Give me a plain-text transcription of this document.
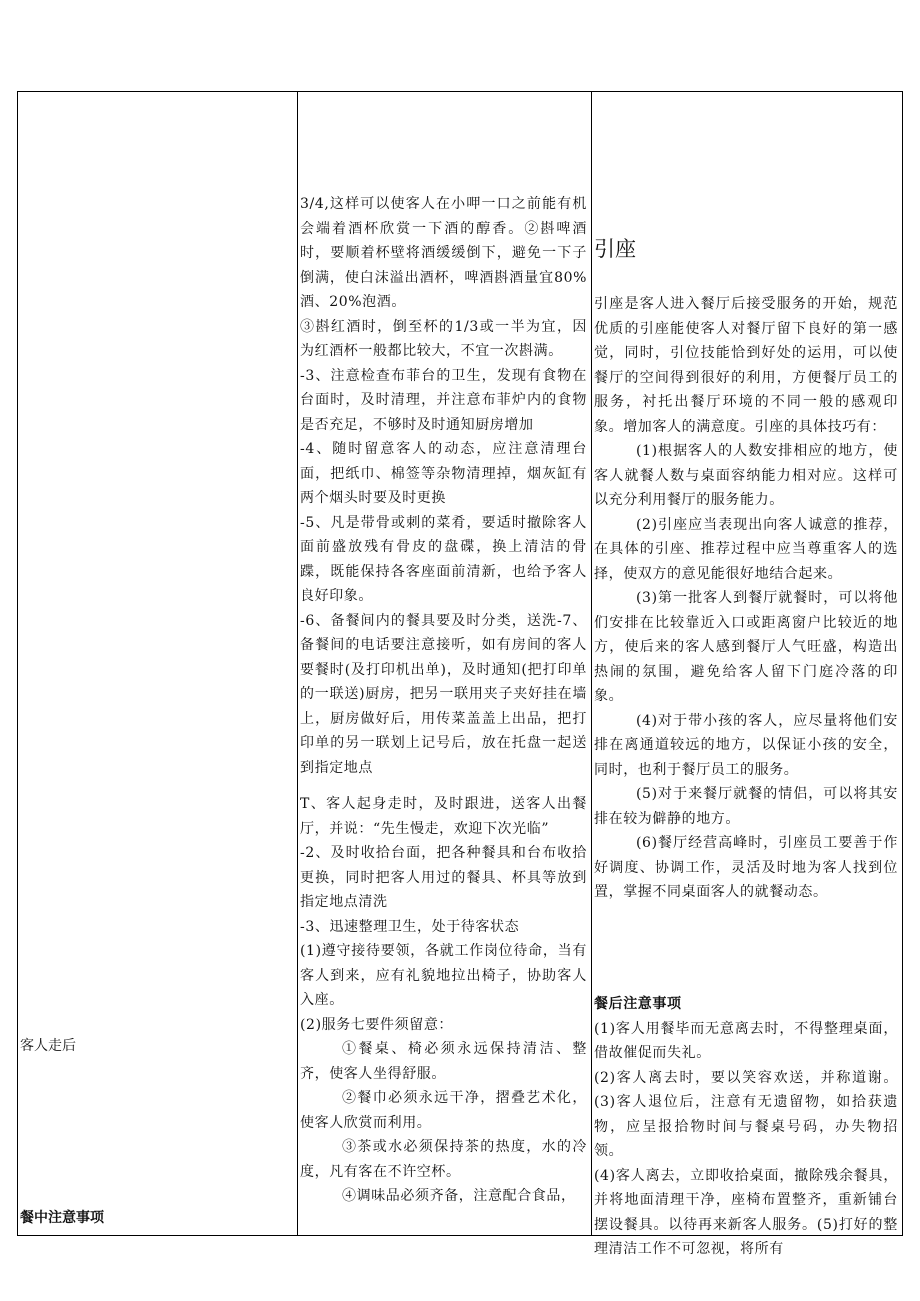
客人走后
餐中注意事项

3/4,这样可以使客人在小呷一口之前能有机会端着酒杯欣赏一下酒的醇香。②斟啤酒时，要顺着杯壁将酒缓缓倒下，避免一下子倒满，使白沫溢出酒杯，啤酒斟酒量宜80%酒、20%泡酒。

③斟红酒时，倒至杯的1/3或一半为宜，因为红酒杯一般都比较大，不宜一次斟满。

-3、注意检查布菲台的卫生，发现有食物在台面时，及时清理，并注意布菲炉内的食物是否充足，不够时及时通知厨房增加

-4、随时留意客人的动态，应注意清理台面，把纸巾、棉签等杂物清理掉，烟灰缸有两个烟头时要及时更换

-5、凡是带骨或刺的菜肴，要适时撤除客人面前盛放残有骨皮的盘碟，换上清洁的骨蹀，既能保持各客座面前清新，也给予客人良好印象。

-6、备餐间内的餐具要及时分类，送洗-7、备餐间的电话要注意接听，如有房间的客人要餐时(及打印机出单)，及时通知(把打印单的一联送)厨房，把另一联用夹子夹好挂在墙上，厨房做好后，用传菜盖盖上出品，把打印单的另一联划上记号后，放在托盘一起送到指定地点

T、客人起身走时，及时跟进，送客人出餐厅，并说：“先生慢走，欢迎下次光临”

-2、及时收拾台面，把各种餐具和台布收拾更换，同时把客人用过的餐具、杯具等放到指定地点清洗

-3、迅速整理卫生，处于待客状态

(1)遵守接待要领，各就工作岗位待命，当有客人到来，应有礼貌地拉出椅子，协助客人入座。

(2)服务七要件须留意：

①餐桌、椅必须永远保持清洁、整齐，使客人坐得舒服。

②餐巾必须永远干净，摺叠艺术化，使客人欣赏而利用。

③茶或水必须保持茶的热度，水的冷度，凡有客在不许空杯。

④调味品必须齐备，注意配合食品，

引座

引座是客人进入餐厅后接受服务的开始，规范优质的引座能使客人对餐厅留下良好的第一感觉，同时，引位技能恰到好处的运用，可以使餐厅的空间得到很好的利用，方便餐厅员工的服务，衬托出餐厅环境的不同一般的感观印象。增加客人的满意度。引座的具体技巧有：

(1)根据客人的人数安排相应的地方，使客人就餐人数与桌面容纳能力相对应。这样可以充分利用餐厅的服务能力。

(2)引座应当表现出向客人诚意的推荐，在具体的引座、推荐过程中应当尊重客人的选择，使双方的意见能很好地结合起来。

(3)第一批客人到餐厅就餐时，可以将他们安排在比较靠近入口或距离窗户比较近的地方，使后来的客人感到餐厅人气旺盛，构造出热闹的氛围，避免给客人留下门庭冷落的印象。

(4)对于带小孩的客人，应尽量将他们安排在离通道较远的地方，以保证小孩的安全，同时，也利于餐厅员工的服务。

(5)对于来餐厅就餐的情侣，可以将其安排在较为僻静的地方。

(6)餐厅经营高峰时，引座员工要善于作好调度、协调工作，灵活及时地为客人找到位置，掌握不同桌面客人的就餐动态。

餐后注意事项

(1)客人用餐毕而无意离去时，不得整理桌面，借故催促而失礼。

(2)客人离去时，要以笑容欢送，并称道谢。(3)客人退位后，注意有无遗留物，如拾获遗物，应呈报拾物时间与餐桌号码，办失物招领。

(4)客人离去，立即收拾桌面，撤除残余餐具，并将地面清理干净，座椅布置整齐，重新铺台摆设餐具。以待再来新客人服务。(5)打好的整理清洁工作不可忽视，将所有
